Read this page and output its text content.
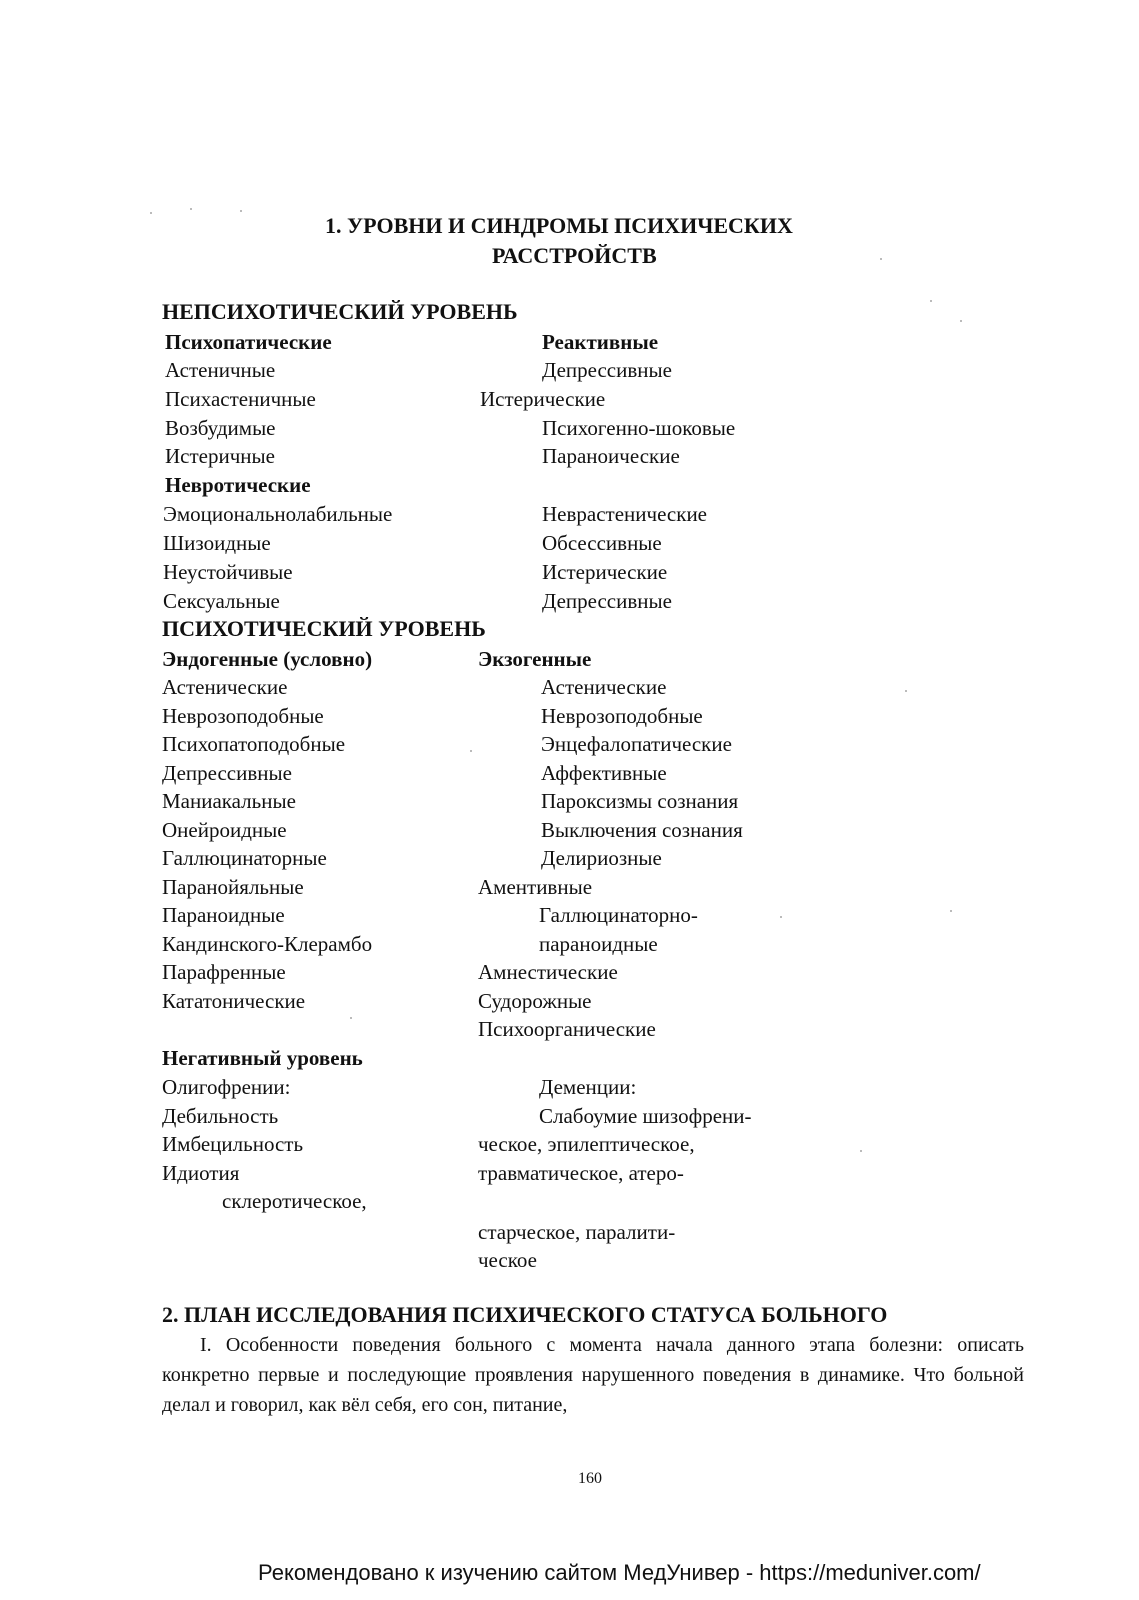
1. УРОВНИ И СИНДРОМЫ ПСИХИЧЕСКИХ
РАССТРОЙСТВ
НЕПСИХОТИЧЕСКИЙ УРОВЕНЬ
Психопатические	Реактивные
Астеничные	Депрессивные
Психастеничные	Истерические
Возбудимые	Психогенно-шоковые
Истеричные	Параноические
Невротические
Эмоциональнолабильные	Неврастенические
Шизоидные	Обсессивные
Неустойчивые	Истерические
Сексуальные	Депрессивные
ПСИХОТИЧЕСКИЙ УРОВЕНЬ
Эндогенные (условно)	Экзогенные
Астенические	Астенические
Неврозоподобные	Неврозоподобные
Психопатоподобные	Энцефалопатические
Депрессивные	Аффективные
Маниакальные	Пароксизмы сознания
Онейроидные	Выключения сознания
Галлюцинаторные	Делириозные
Паранойяльные	Аментивные
Параноидные	Галлюцинаторно-
Кандинского-Клерамбо	параноидные
Парафренные	Амнестические
Кататонические	Судорожные
Психоорганические
Негативный уровень
Олигофрении:	Деменции:
Дебильность	Слабоумие шизофрени-
Имбецильность	ческое, эпилептическое,
Идиотия	травматическое, атеро-
склеротическое,
старческое, паралити-
ческое
2. ПЛАН ИССЛЕДОВАНИЯ ПСИХИЧЕСКОГО СТАТУСА БОЛЬНОГО
I. Особенности поведения больного с момента начала данного этапа болезни: описать конкретно первые и последующие проявления нарушенного поведения в динамике. Что больной делал и говорил, как вёл себя, его сон, питание,
160
Рекомендовано к изучению сайтом МедУнивер - https://meduniver.com/
